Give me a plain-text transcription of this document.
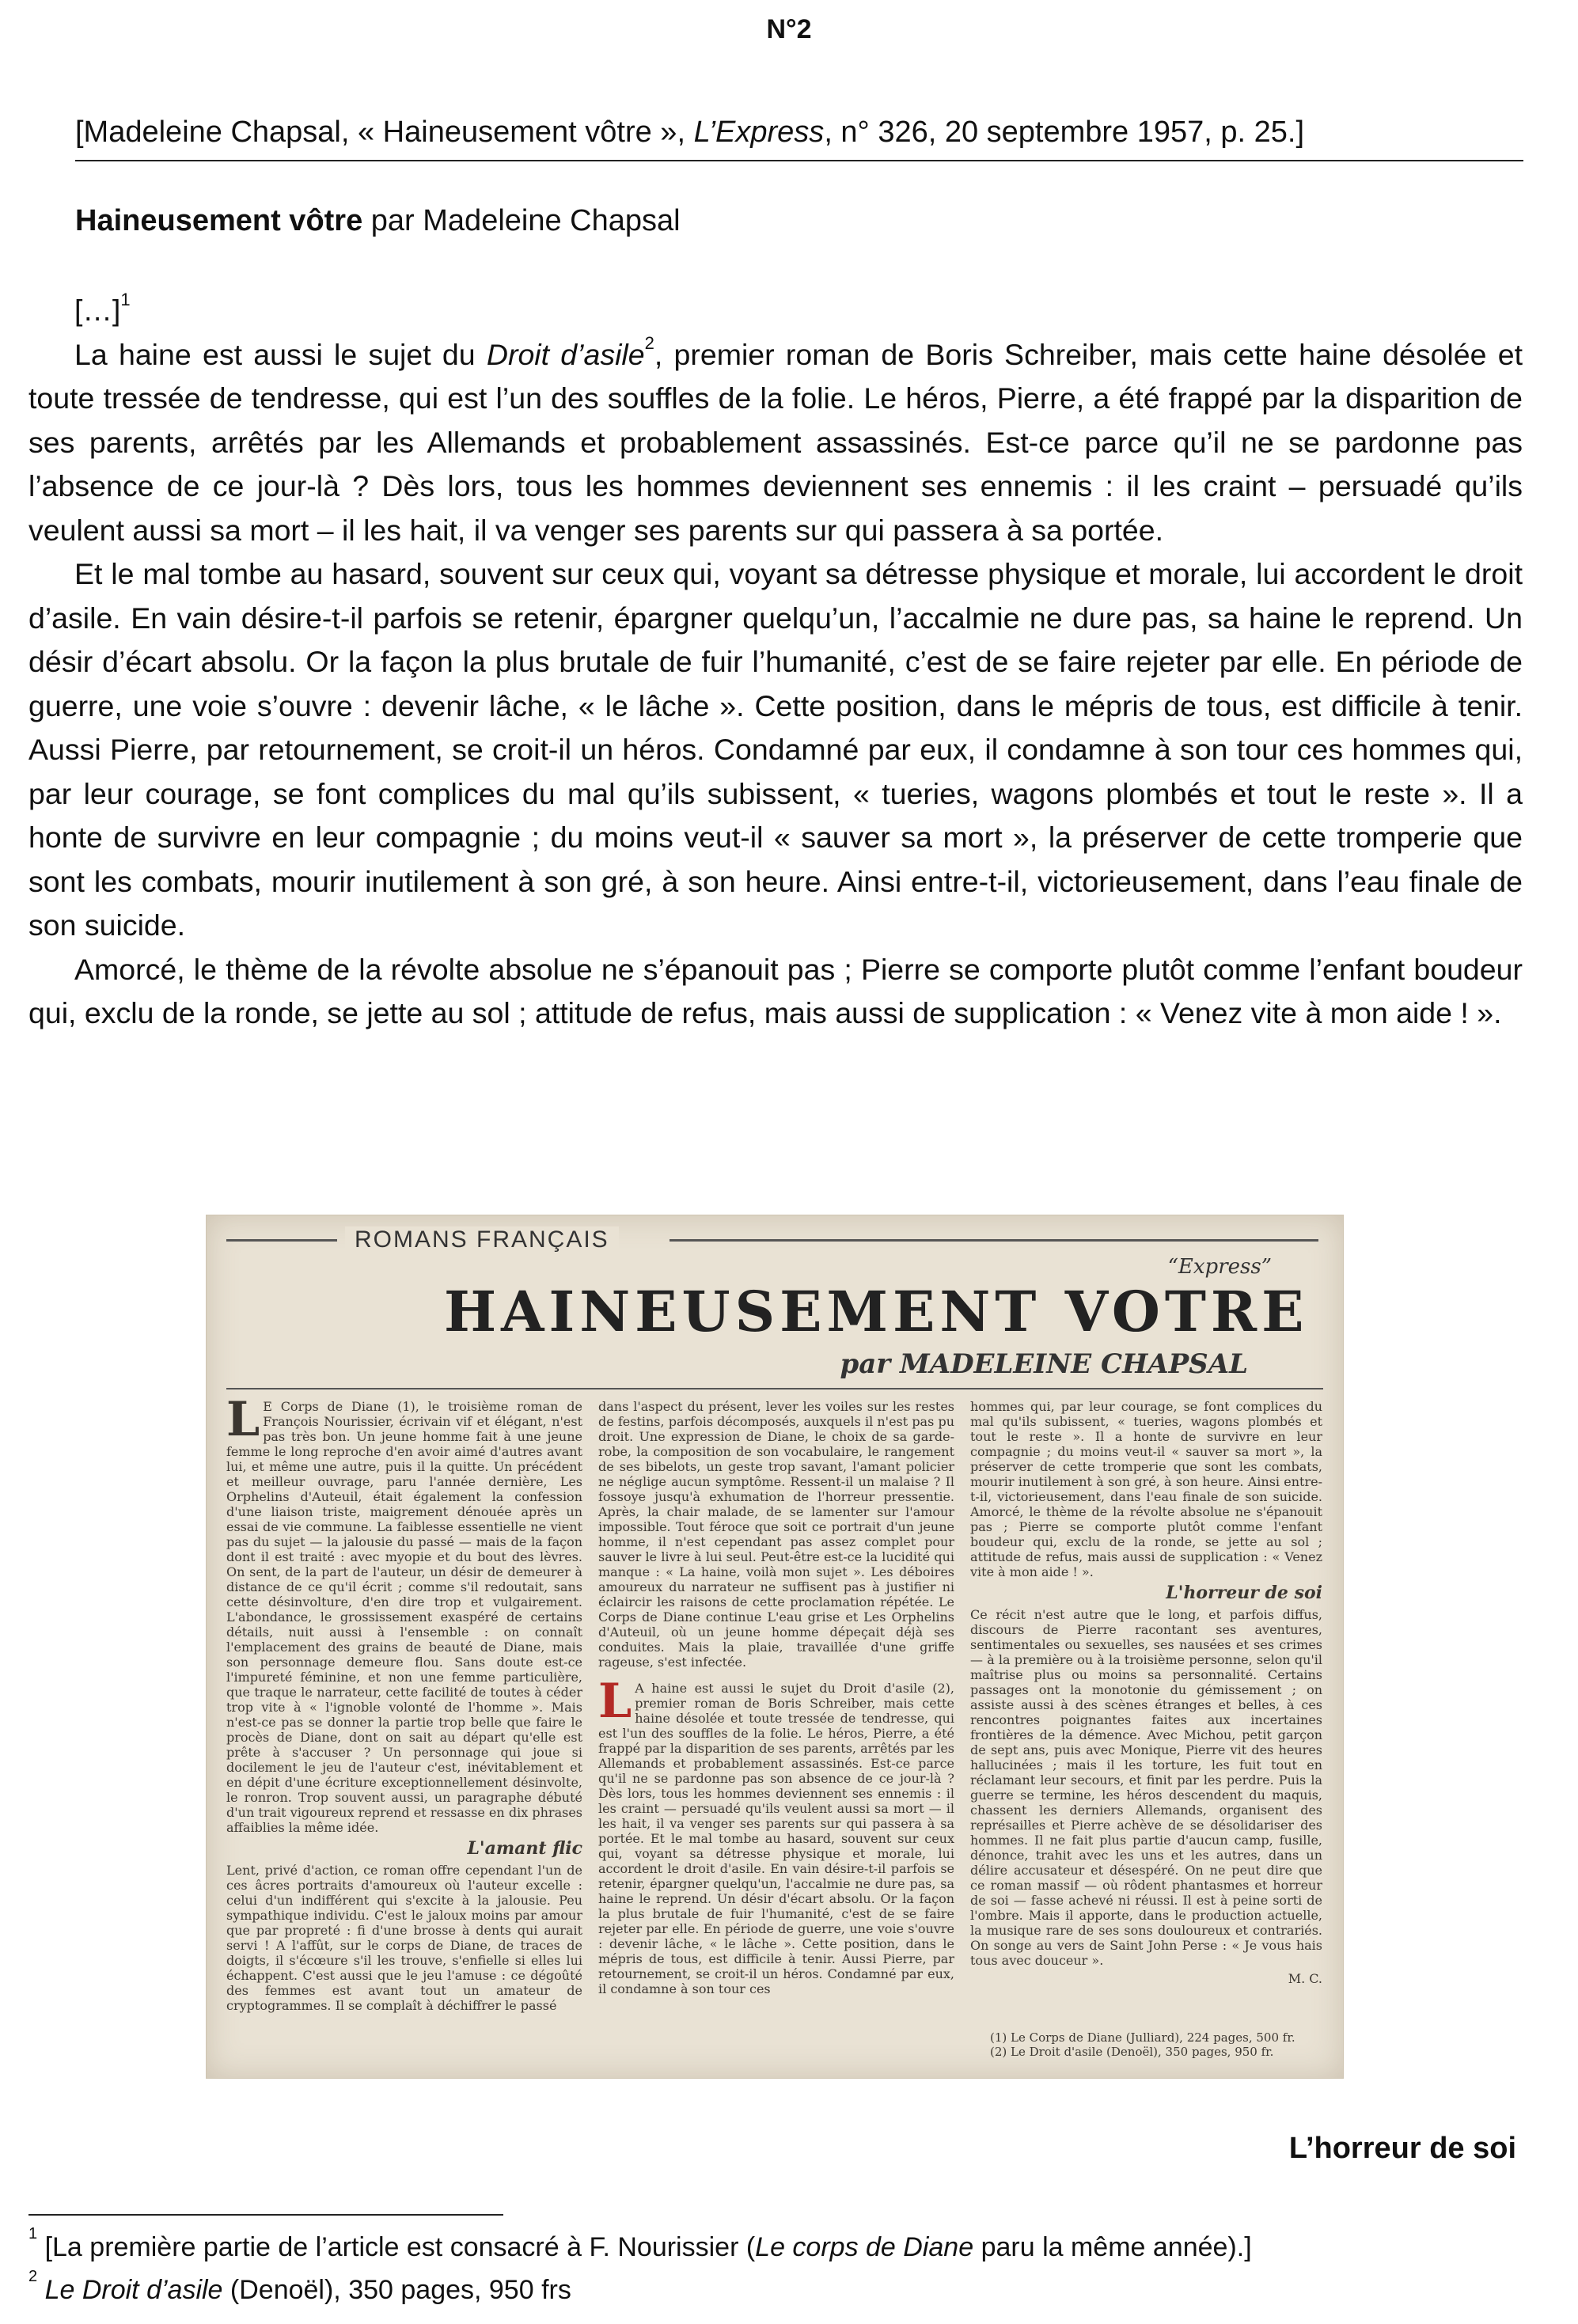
N°2
[Madeleine Chapsal, « Haineusement vôtre », L’Express, n° 326, 20 septembre 1957, p. 25.]
Haineusement vôtre par Madeleine Chapsal

[…]$^1$

La haine est aussi le sujet du Droit d’asile$^2$, premier roman de Boris Schreiber, mais cette haine désolée et toute tressée de tendresse, qui est l’un des souffles de la folie. Le héros, Pierre, a été frappé par la disparition de ses parents, arrêtés par les Allemands et probablement assassinés. Est-ce parce qu’il ne se pardonne pas l’absence de ce jour-là ? Dès lors, tous les hommes deviennent ses ennemis : il les craint – persuadé qu’ils veulent aussi sa mort – il les hait, il va venger ses parents sur qui passera à sa portée.

Et le mal tombe au hasard, souvent sur ceux qui, voyant sa détresse physique et morale, lui accordent le droit d’asile. En vain désire-t-il parfois se retenir, épargner quelqu’un, l’accalmie ne dure pas, sa haine le reprend. Un désir d’écart absolu. Or la façon la plus brutale de fuir l’humanité, c’est de se faire rejeter par elle. En période de guerre, une voie s’ouvre : devenir lâche, « le lâche ». Cette position, dans le mépris de tous, est difficile à tenir. Aussi Pierre, par retournement, se croit-il un héros. Condamné par eux, il condamne à son tour ces hommes qui, par leur courage, se font complices du mal qu’ils subissent, « tueries, wagons plombés et tout le reste ». Il a honte de survivre en leur compagnie ; du moins veut-il « sauver sa mort », la préserver de cette tromperie que sont les combats, mourir inutilement à son gré, à son heure. Ainsi entre-t-il, victorieusement, dans l’eau finale de son suicide.

Amorcé, le thème de la révolte absolue ne s’épanouit pas ; Pierre se comporte plutôt comme l’enfant boudeur qui, exclu de la ronde, se jette au sol ; attitude de refus, mais aussi de supplication : « Venez vite à mon aide ! ».

ROMANS FRANÇAIS
“Express”
HAINEUSEMENT VOTRE
par MADELEINE CHAPSAL
L E Corps de Diane (1), le troisième roman de François Nourissier, écrivain vif et élégant, n'est pas très bon. Un jeune homme fait à une jeune femme le long reproche d'en avoir aimé d'autres avant lui, et même une autre, puis il la quitte. Un précédent et meilleur ouvrage, paru l'année dernière, Les Orphelins d'Auteuil, était également la confession d'une liaison triste, maigrement dénouée après un essai de vie commune. La faiblesse essentielle ne vient pas du sujet — la jalousie du passé — mais de la façon dont il est traité : avec myopie et du bout des lèvres. On sent, de la part de l'auteur, un désir de demeurer à distance de ce qu'il écrit ; comme s'il redoutait, sans cette désinvolture, d'en dire trop et vulgairement. L'abondance, le grossissement exaspéré de certains détails, nuit aussi à l'ensemble : on connaît l'emplacement des grains de beauté de Diane, mais son personnage demeure flou. Sans doute est-ce l'impureté féminine, et non une femme particulière, que traque le narrateur, cette facilité de toutes à céder trop vite à « l'ignoble volonté de l'homme ». Mais n'est-ce pas se donner la partie trop belle que faire le procès de Diane, dont on sait au départ qu'elle est prête à s'accuser ? Un personnage qui joue si docilement le jeu de l'auteur c'est, inévitablement et en dépit d'une écriture exceptionnellement désinvolte, le ronron. Trop souvent aussi, un paragraphe débuté d'un trait vigoureux reprend et ressasse en dix phrases affaiblies la même idée.
L'amant flic
Lent, privé d'action, ce roman offre cependant l'un de ces âcres portraits d'amoureux où l'auteur excelle : celui d'un indifférent qui s'excite à la jalousie. Peu sympathique individu. C'est le jaloux moins par amour que par propreté : fi d'une brosse à dents qui aurait servi ! A l'affût, sur le corps de Diane, de traces de doigts, il s'écœure s'il les trouve, s'enfielle si elles lui échappent. C'est aussi que le jeu l'amuse : ce dégoûté des femmes est avant tout un amateur de cryptogrammes. Il se complaît à déchiffrer le passé
dans l'aspect du présent, lever les voiles sur les restes de festins, parfois décomposés, auxquels il n'est pas pu droit. Une expression de Diane, le choix de sa garde-robe, la composition de son vocabulaire, le rangement de ses bibelots, un geste trop savant, l'amant policier ne néglige aucun symptôme. Ressent-il un malaise ? Il fossoye jusqu'à exhumation de l'horreur pressentie. Après, la chair malade, de se lamenter sur l'amour impossible. Tout féroce que soit ce portrait d'un jeune homme, il n'est cependant pas assez complet pour sauver le livre à lui seul. Peut-être est-ce la lucidité qui manque : « La haine, voilà mon sujet ». Les déboires amoureux du narrateur ne suffisent pas à justifier ni éclaircir les raisons de cette proclamation répétée. Le Corps de Diane continue L'eau grise et Les Orphelins d'Auteuil, où un jeune homme dépeçait déjà ses conduites. Mais la plaie, travaillée d'une griffe rageuse, s'est infectée.
L A haine est aussi le sujet du Droit d'asile (2), premier roman de Boris Schreiber, mais cette haine désolée et toute tressée de tendresse, qui est l'un des souffles de la folie. Le héros, Pierre, a été frappé par la disparition de ses parents, arrêtés par les Allemands et probablement assassinés. Est-ce parce qu'il ne se pardonne pas son absence de ce jour-là ? Dès lors, tous les hommes deviennent ses ennemis : il les craint — persuadé qu'ils veulent aussi sa mort — il les hait, il va venger ses parents sur qui passera à sa portée. Et le mal tombe au hasard, souvent sur ceux qui, voyant sa détresse physique et morale, lui accordent le droit d'asile. En vain désire-t-il parfois se retenir, épargner quelqu'un, l'accalmie ne dure pas, sa haine le reprend. Un désir d'écart absolu. Or la façon la plus brutale de fuir l'humanité, c'est de se faire rejeter par elle. En période de guerre, une voie s'ouvre : devenir lâche, « le lâche ». Cette position, dans le mépris de tous, est difficile à tenir. Aussi Pierre, par retournement, se croit-il un héros. Condamné par eux, il condamne à son tour ces
hommes qui, par leur courage, se font complices du mal qu'ils subissent, « tueries, wagons plombés et tout le reste ». Il a honte de survivre en leur compagnie ; du moins veut-il « sauver sa mort », la préserver de cette tromperie que sont les combats, mourir inutilement à son gré, à son heure. Ainsi entre-t-il, victorieusement, dans l'eau finale de son suicide. Amorcé, le thème de la révolte absolue ne s'épanouit pas ; Pierre se comporte plutôt comme l'enfant boudeur qui, exclu de la ronde, se jette au sol ; attitude de refus, mais aussi de supplication : « Venez vite à mon aide ! ».
L'horreur de soi
Ce récit n'est autre que le long, et parfois diffus, discours de Pierre racontant ses aventures, sentimentales ou sexuelles, ses nausées et ses crimes — à la première ou à la troisième personne, selon qu'il maîtrise plus ou moins sa personnalité. Certains passages ont la monotonie du gémissement ; on assiste aussi à des scènes étranges et belles, à ces rencontres poignantes faites aux incertaines frontières de la démence. Avec Michou, petit garçon de sept ans, puis avec Monique, Pierre vit des heures hallucinées ; mais il les torture, les fuit tout en réclamant leur secours, et finit par les perdre. Puis la guerre se termine, les héros descendent du maquis, chassent les derniers Allemands, organisent des représailles et Pierre achève de se désolidariser des hommes. Il ne fait plus partie d'aucun camp, fusille, dénonce, trahit avec les uns et les autres, dans un délire accusateur et désespéré. On ne peut dire que ce roman massif — où rôdent phantasmes et horreur de soi — fasse achevé ni réussi. Il est à peine sorti de l'ombre. Mais il apporte, dans le production actuelle, la musique rare de ses sons douloureux et contrariés. On songe au vers de Saint John Perse : « Je vous hais tous avec douceur ».
M. C.
(1) Le Corps de Diane (Julliard), 224 pages, 500 fr.
(2) Le Droit d'asile (Denoël), 350 pages, 950 fr.
L’horreur de soi
$^1$ [La première partie de l’article est consacré à F. Nourissier (Le corps de Diane paru la même année).]
$^2$ Le Droit d’asile (Denoël), 350 pages, 950 frs
